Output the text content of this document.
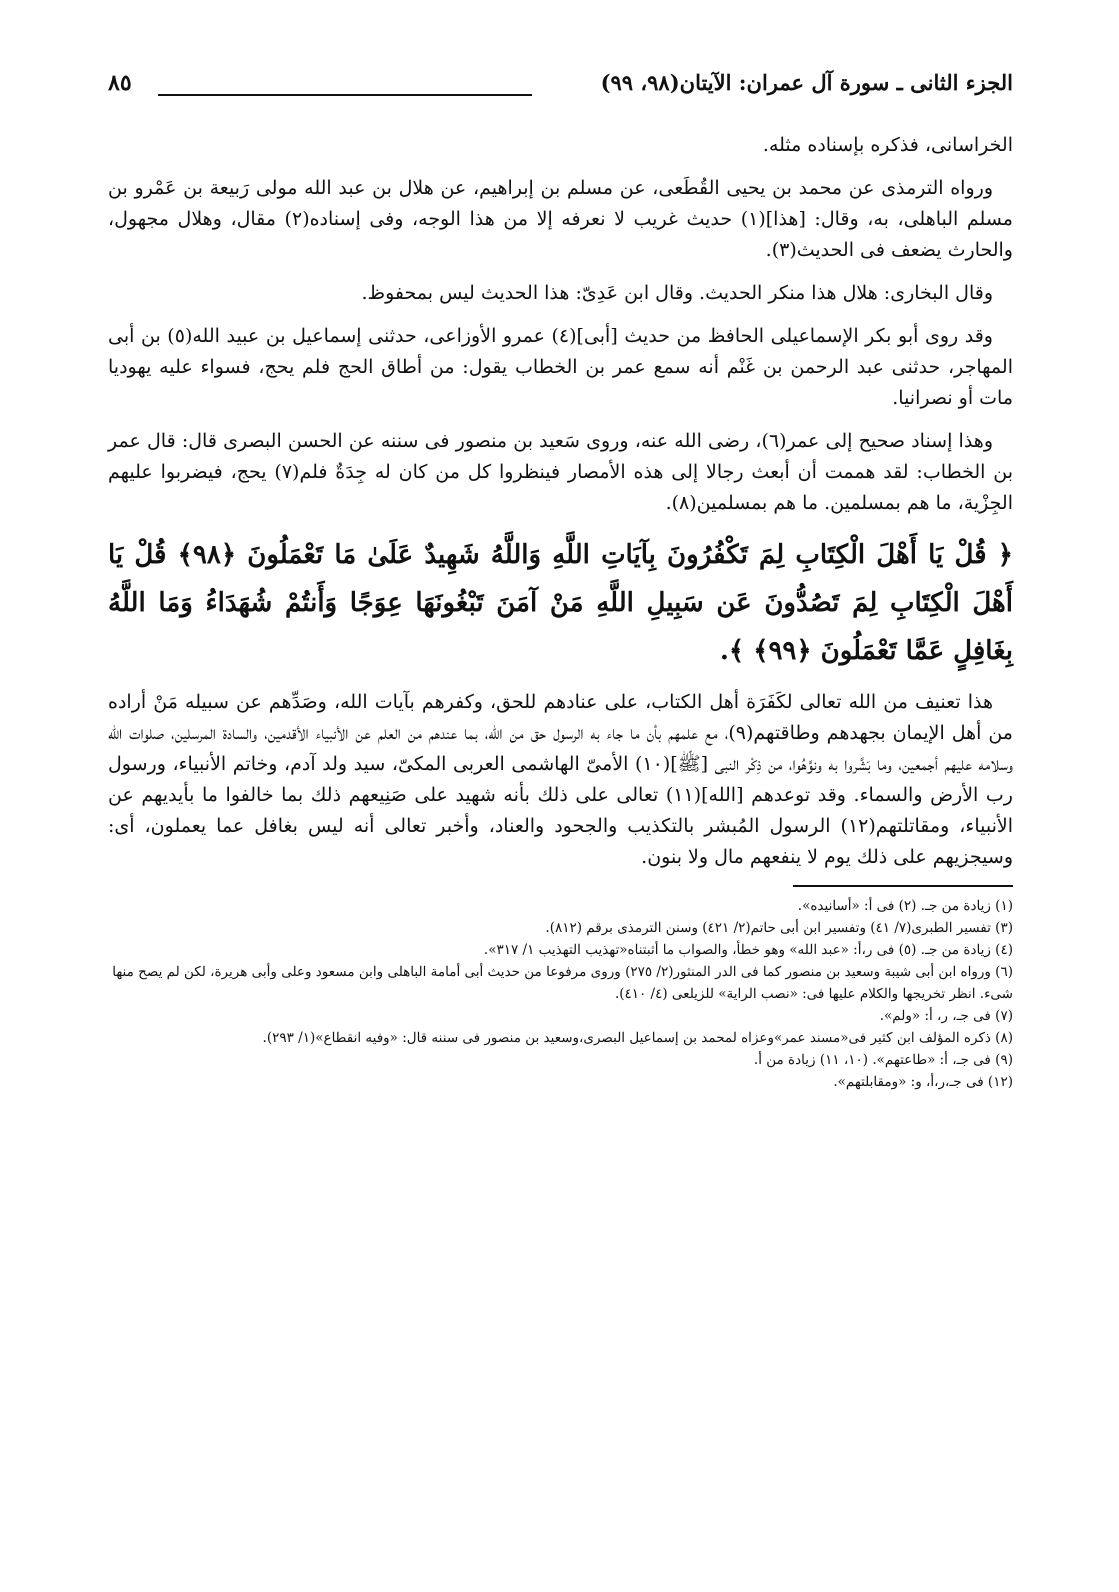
الجزء الثانى ـ سورة آل عمران: الآيتان(٩٨، ٩٩)
٨٥

الخراسانى، فذكره بإسناده مثله.

ورواه الترمذى عن محمد بن يحيى القُطَعى، عن مسلم بن إبراهيم، عن هلال بن عبد الله مولى رَبيعة بن عَمْرو بن مسلم الباهلى، به، وقال: [هذا](١) حديث غريب لا نعرفه إلا من هذا الوجه، وفى إسناده(٢) مقال، وهلال مجهول، والحارث يضعف فى الحديث(٣).

وقال البخارى: هلال هذا منكر الحديث. وقال ابن عَدِىّ: هذا الحديث ليس بمحفوظ.

وقد روى أبو بكر الإسماعيلى الحافظ من حديث [أبى](٤) عمرو الأوزاعى، حدثنى إسماعيل بن عبيد الله(٥) بن أبى المهاجر، حدثنى عبد الرحمن بن غَنْم أنه سمع عمر بن الخطاب يقول: من أطاق الحج فلم يحج، فسواء عليه يهوديا مات أو نصرانيا.

وهذا إسناد صحيح إلى عمر(٦)، رضى الله عنه، وروى سَعيد بن منصور فى سننه عن الحسن البصرى قال: قال عمر بن الخطاب: لقد هممت أن أبعث رجالا إلى هذه الأمصار فينظروا كل من كان له جِدَةٌ فلم(٧) يحج، فيضربوا عليهم الجِزْية، ما هم بمسلمين. ما هم بمسلمين(٨).

﴿ قُلْ يَا أَهْلَ الْكِتَابِ لِمَ تَكْفُرُونَ بِآيَاتِ اللَّهِ وَاللَّهُ شَهِيدٌ عَلَىٰ مَا تَعْمَلُونَ ﴿٩٨﴾ قُلْ يَا أَهْلَ الْكِتَابِ لِمَ تَصُدُّونَ عَن سَبِيلِ اللَّهِ مَنْ آمَنَ تَبْغُونَهَا عِوَجًا وَأَنتُمْ شُهَدَاءُ وَمَا اللَّهُ بِغَافِلٍ عَمَّا تَعْمَلُونَ ﴿٩٩﴾ ﴾.

هذا تعنيف من الله تعالى لكَفَرَة أهل الكتاب، على عنادهم للحق، وكفرهم بآيات الله، وصَدِّهم عن سبيله مَنْ أراده من أهل الإيمان بجهدهم وطاقتهم(٩)، مع علمهم بأن ما جاء به الرسول حق من الله، بما عندهم من العلم عن الأنبياء الأقدمين، والسادة المرسلين، صلوات الله وسلامه عليهم أجمعين، وما بَشَّروا به ونوَّهُوا، من ذِكْر النبى [ﷺ](١٠) الأمىّ الهاشمى العربى المكىّ، سيد ولد آدم، وخاتم الأنبياء، ورسول رب الأرض والسماء. وقد توعدهم [الله](١١) تعالى على ذلك بأنه شهيد على صَنِيعهم ذلك بما خالفوا ما بأيديهم عن الأنبياء، ومقاتلتهم(١٢) الرسول المُبشر بالتكذيب والجحود والعناد، وأخبر تعالى أنه ليس بغافل عما يعملون، أى: وسيجزيهم على ذلك يوم لا ينفعهم مال ولا بنون.

(١) زيادة من جـ. (٢) فى أ: «أسانيده».

(٣) تفسير الطبرى(٧/ ٤١) وتفسير ابن أبى حاتم(٢/ ٤٢١) وسنن الترمذى برقم (٨١٢).

(٤) زيادة من جـ. (٥) فى ر،أ: «عبد الله» وهو خطأ، والصواب ما أثبتناه«تهذيب التهذيب ١/ ٣١٧».

(٦) ورواه ابن أبى شيبة وسعيد بن منصور كما فى الدر المنثور(٢/ ٢٧٥) وروى مرفوعا من حديث أبى أمامة الباهلى وابن مسعود وعلى وأبى هريرة، لكن لم يصح منها شىء. انظر تخريجها والكلام عليها فى: «نصب الراية» للزيلعى (٤/ ٤١٠).

(٧) فى جـ، ر، أ: «ولم».

(٨) ذكره المؤلف ابن كثير فى«مسند عمر»وعزاه لمحمد بن إسماعيل البصرى،وسعيد بن منصور فى سننه قال: «وفيه انقطاع»(١/ ٢٩٣).

(٩) فى جـ، أ: «طاعتهم». (١٠، ١١) زيادة من أ.

(١٢) فى جـ،ر،أ، و: «ومقابلتهم».
